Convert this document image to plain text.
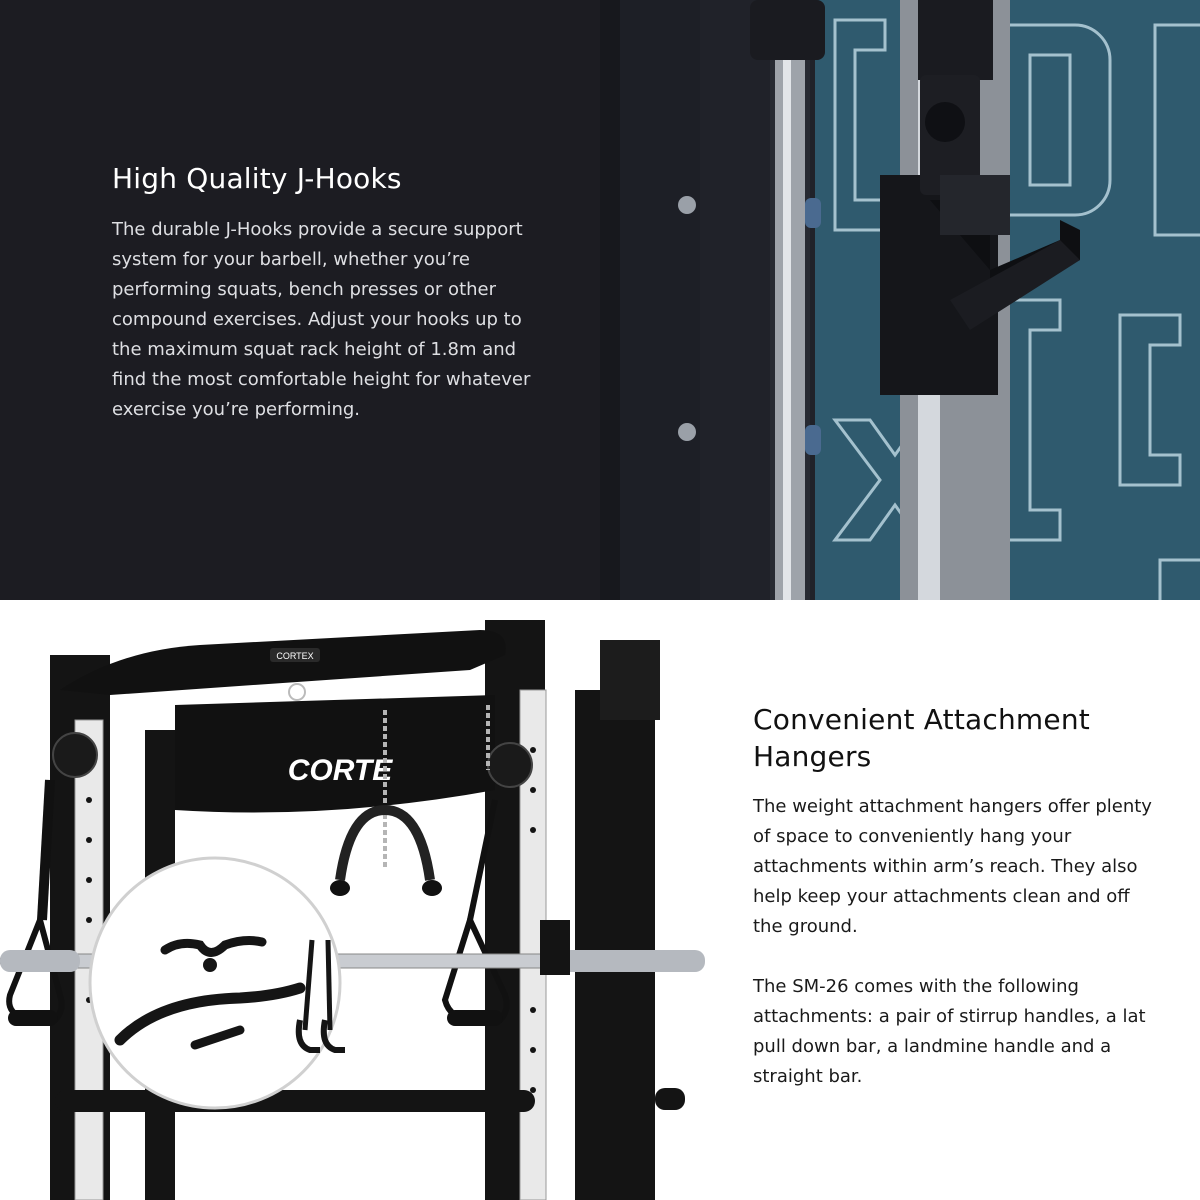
High Quality J-Hooks

The durable J-Hooks provide a secure support system for your barbell, whether you’re performing squats, bench presses or other compound exercises. Adjust your hooks up to the maximum squat rack height of 1.8m and find the most comfortable height for whatever exercise you’re performing.

CORTEX
CORTE
Convenient Attachment Hangers

The weight attachment hangers offer plenty of space to conveniently hang your attachments within arm’s reach. They also help keep your attachments clean and off the ground.

The SM-26 comes with the following attachments: a pair of stirrup handles, a lat pull down bar, a landmine handle and a straight bar.
